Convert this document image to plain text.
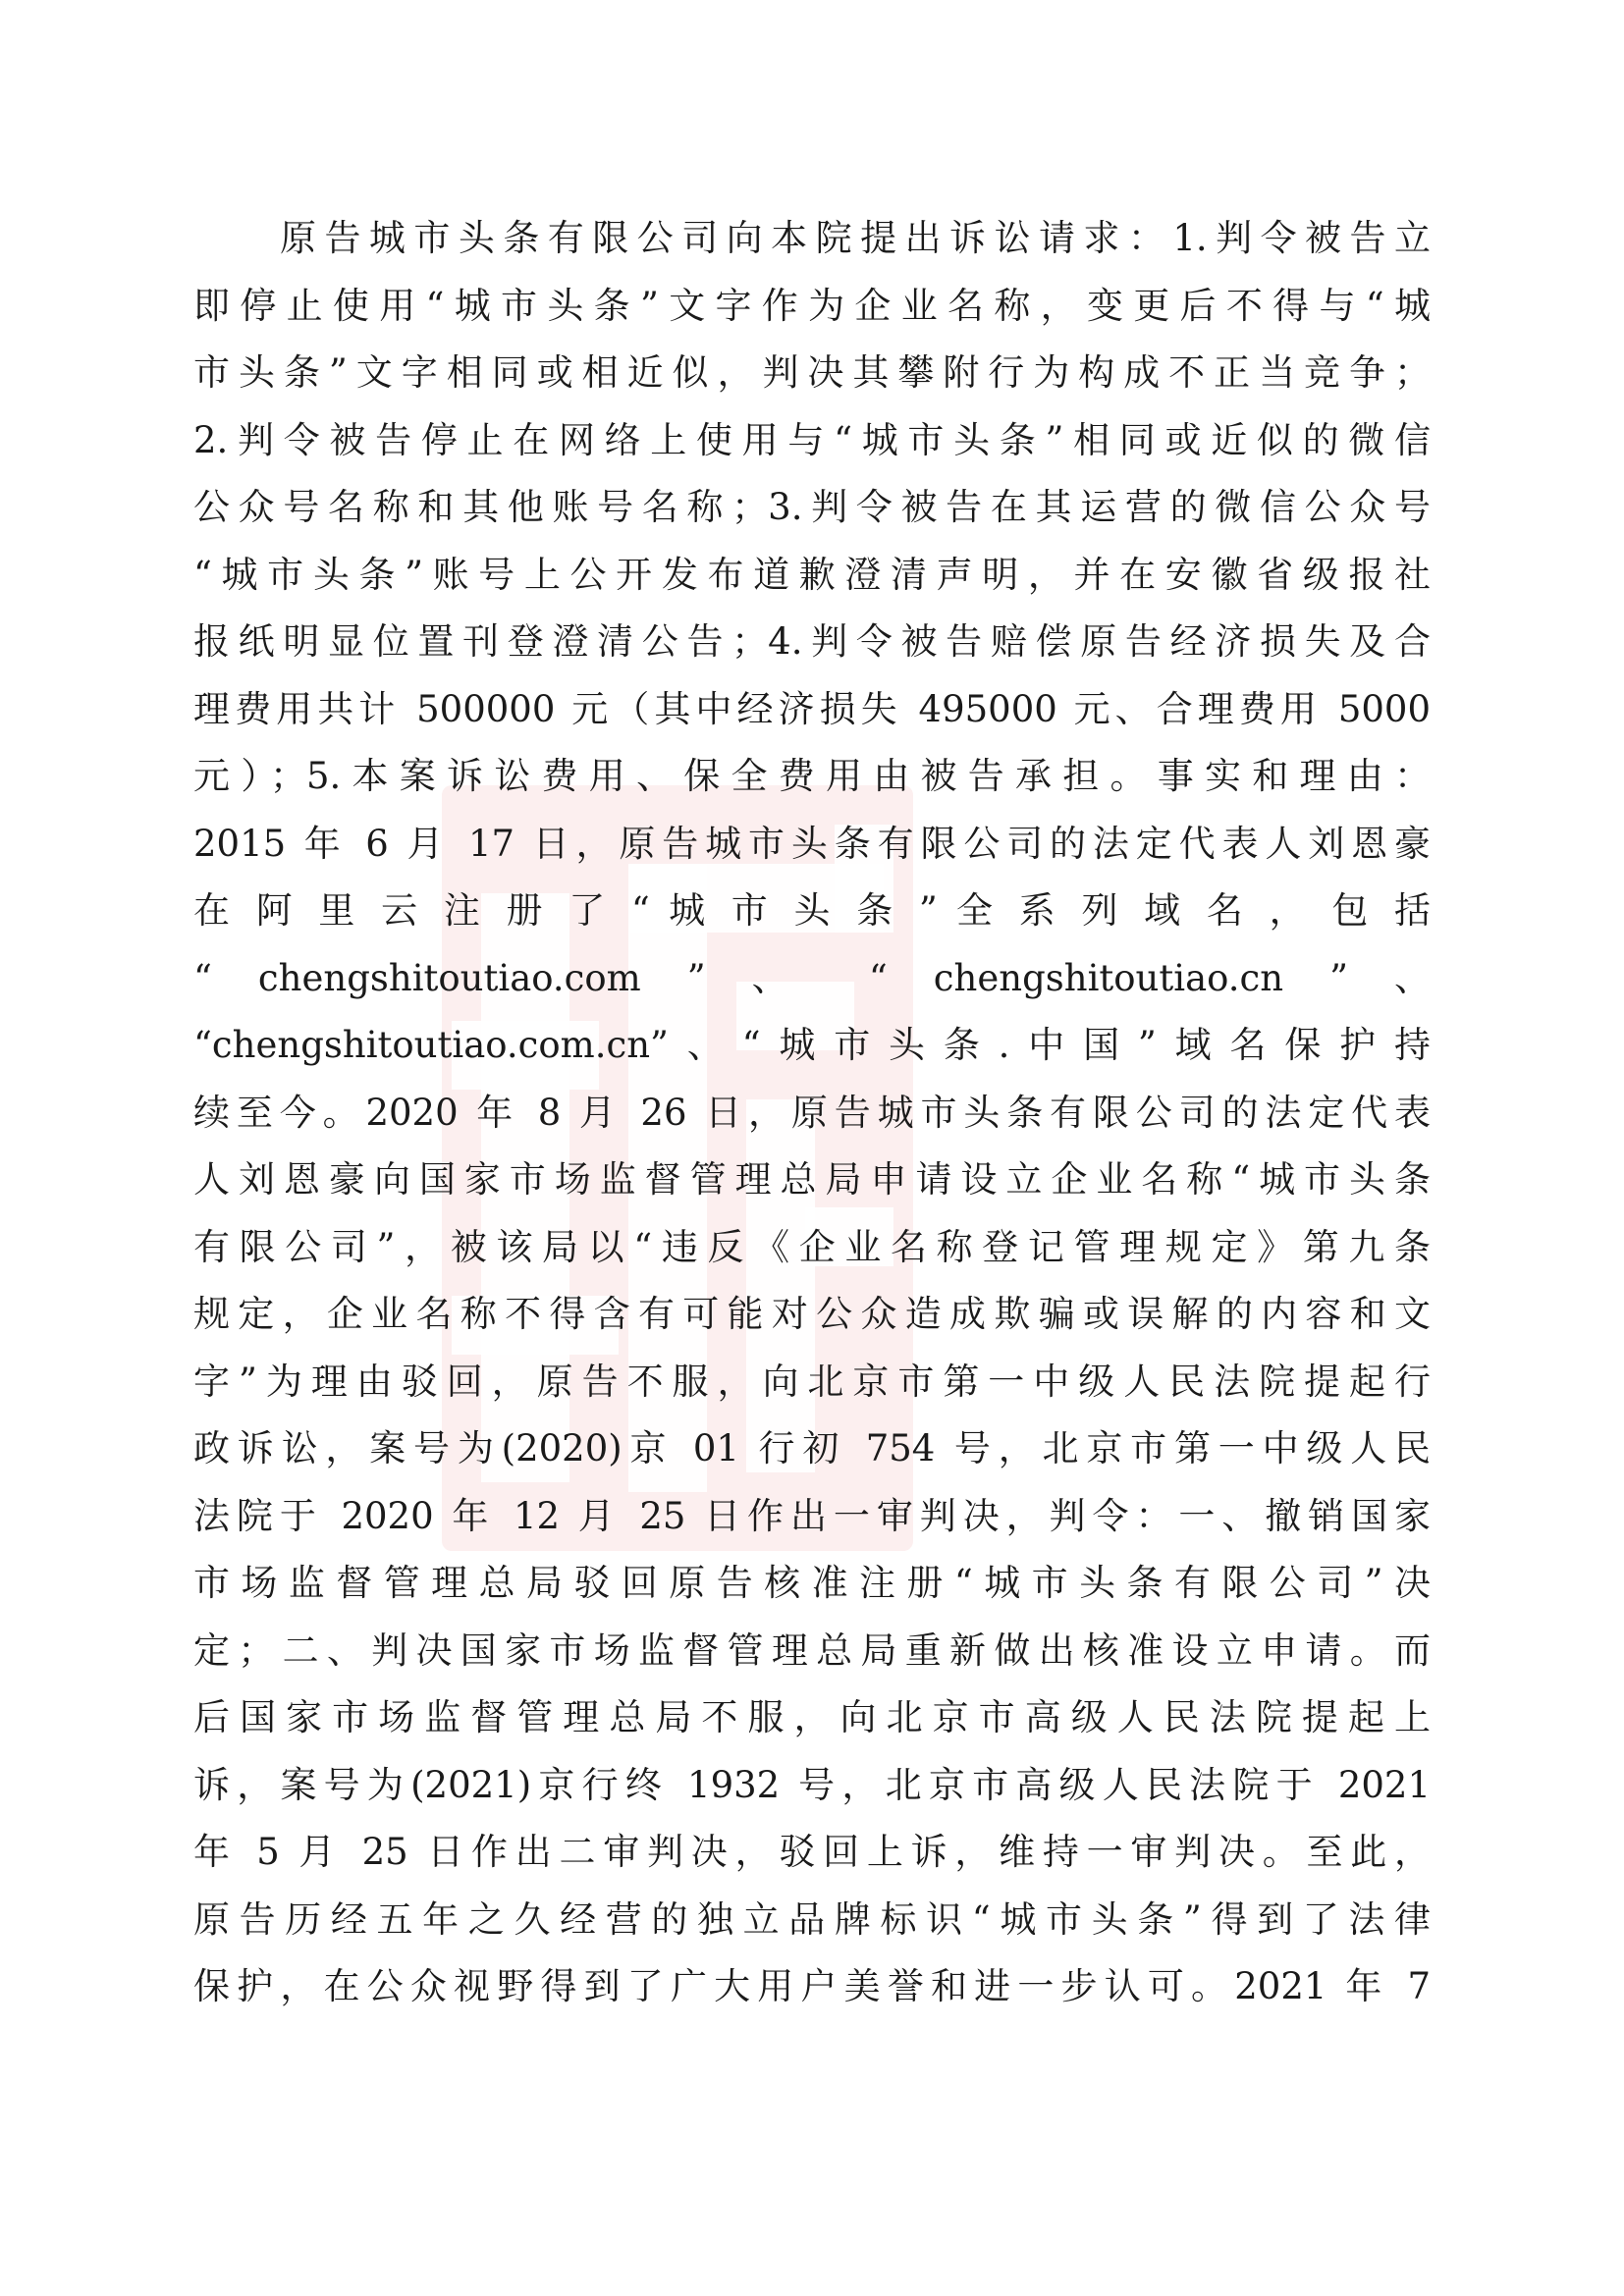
原告城市头条有限公司向本院提出诉讼请求：1.判令被告立
即停止使用“城市头条”文字作为企业名称，变更后不得与“城
市头条”文字相同或相近似，判决其攀附行为构成不正当竞争；
2.判令被告停止在网络上使用与“城市头条”相同或近似的微信
公众号名称和其他账号名称；3.判令被告在其运营的微信公众号
“城市头条”账号上公开发布道歉澄清声明，并在安徽省级报社
报纸明显位置刊登澄清公告；4.判令被告赔偿原告经济损失及合
理费用共计 500000 元（其中经济损失 495000 元、合理费用 5000
元）；5.本案诉讼费用、保全费用由被告承担。事实和理由：
2015 年 6 月 17 日，原告城市头条有限公司的法定代表人刘恩豪
在 阿 里 云 注 册 了 “ 城 市 头 条 ” 全 系 列 域 名 ， 包 括
“ chengshitoutiao.com ” 、 “ chengshitoutiao.cn ” 、
“chengshitoutiao.com.cn”、“城市头条.中国”域名保护持
续至今。2020 年 8 月 26 日，原告城市头条有限公司的法定代表
人刘恩豪向国家市场监督管理总局申请设立企业名称“城市头条
有限公司”，被该局以“违反《企业名称登记管理规定》第九条
规定，企业名称不得含有可能对公众造成欺骗或误解的内容和文
字”为理由驳回，原告不服，向北京市第一中级人民法院提起行
政诉讼，案号为(2020)京 01 行初 754 号，北京市第一中级人民
法院于 2020 年 12 月 25 日作出一审判决，判令：一、撤销国家
市场监督管理总局驳回原告核准注册“城市头条有限公司”决
定；二、判决国家市场监督管理总局重新做出核准设立申请。而
后国家市场监督管理总局不服，向北京市高级人民法院提起上
诉，案号为(2021)京行终 1932 号，北京市高级人民法院于 2021
年 5 月 25 日作出二审判决，驳回上诉，维持一审判决。至此，
原告历经五年之久经营的独立品牌标识“城市头条”得到了法律
保护，在公众视野得到了广大用户美誉和进一步认可。2021 年 7
